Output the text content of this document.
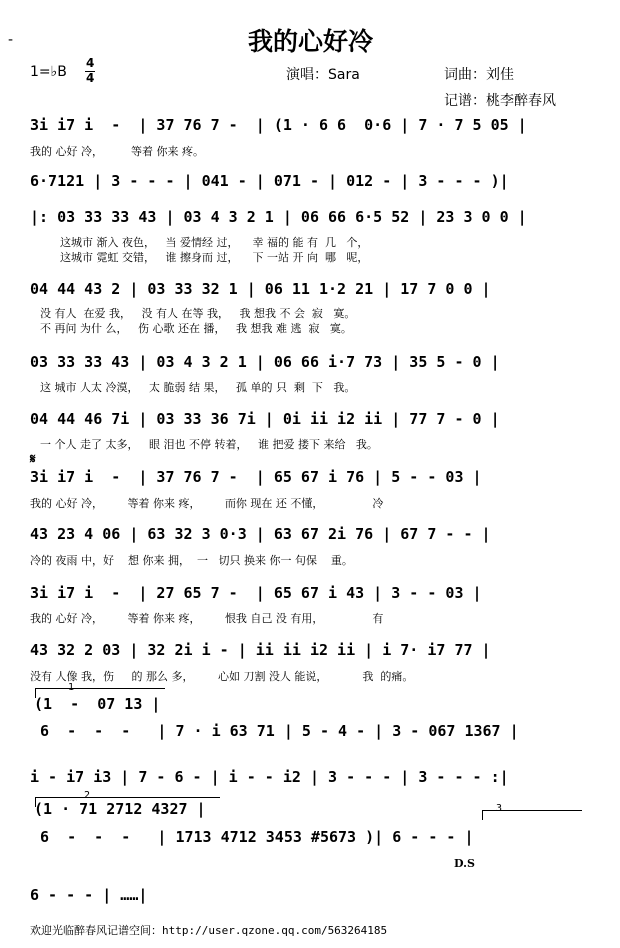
-	我的心好冷
1=♭B
4
4	演唱：Sara	词曲：刘佳
记谱：桃李醉春风
3i i7 i  -  | 37 76 7 -  | (1 · 6 6  0·6 | 7 · 7 5 05 |
我的 心好 冷，        等着 你来 疼。
6·7121 | 3 - - - | 041 - | 071 - | 012 - | 3 - - - )|
|: 03 33 33 43 | 03 4 3 2 1 | 06 66 6·5 52 | 23 3 0 0 |
这城市 渐入 夜色，   当 爱情经 过，    幸 福的 能 有  几   个，
这城市 霓虹 交错，   谁 擦身而 过，    下 一站 开 向  哪   呢，
04 44 43 2 | 03 33 32 1 | 06 11 1·2 21 | 17 7 0 0 |
没 有人  在爱 我，   没 有人 在等 我，   我 想我 不 会  寂   寞。
不 再问 为什 么，   伤 心歌 还在 播，   我 想我 难 逃  寂   寞。
03 33 33 43 | 03 4 3 2 1 | 06 66 i·7 73 | 35 5 - 0 |
这 城市 人太 冷漠，   太 脆弱 结 果，   孤 单的 只  剩  下   我。
04 44 46 7i | 03 33 36 7i | 0i ii i2 ii | 77 7 - 0 |
一 个人 走了 太多，   眼 泪也 不停 转着，   谁 把爱 搂下 来给   我。
𝄋
3i i7 i  -  | 37 76 7 -  | 65 67 i 76 | 5 - - 03 |
我的 心好 冷，       等着 你来 疼，       而你 现在 还 不懂，              冷
43 23 4 06 | 63 32 3 0·3 | 63 67 2i 76 | 67 7 - - |
冷的 夜雨 中，好    想 你来 拥，  一   切只 换来 你一 句保    重。
3i i7 i  -  | 27 65 7 -  | 65 67 i 43 | 3 - - 03 |
我的 心好 冷，       等着 你来 疼，       恨我 自己 没 有用，              有
43 32 2 03 | 32 2i i - | ii ii i2 ii | i 7· i7 77 |
没有 人像 我，伤     的 那么 多，       心如 刀割 没人 能说，          我  的痛。
1
(1  -  07 13 |
6  -  -  -   | 7 · i 63 71 | 5 - 4 - | 3 - 067 1367 |
i - i7 i3 | 7 - 6 - | i - - i2 | 3 - - - | 3 - - - :|
2
(1 · 71 2712 4327 |	3
6  -  -  -   | 1713 4712 3453 #5673 )| 6 - - - |
D.S
6 - - - | ……|
欢迎光临醉春风记谱空间：http://user.qzone.qq.com/563264185
